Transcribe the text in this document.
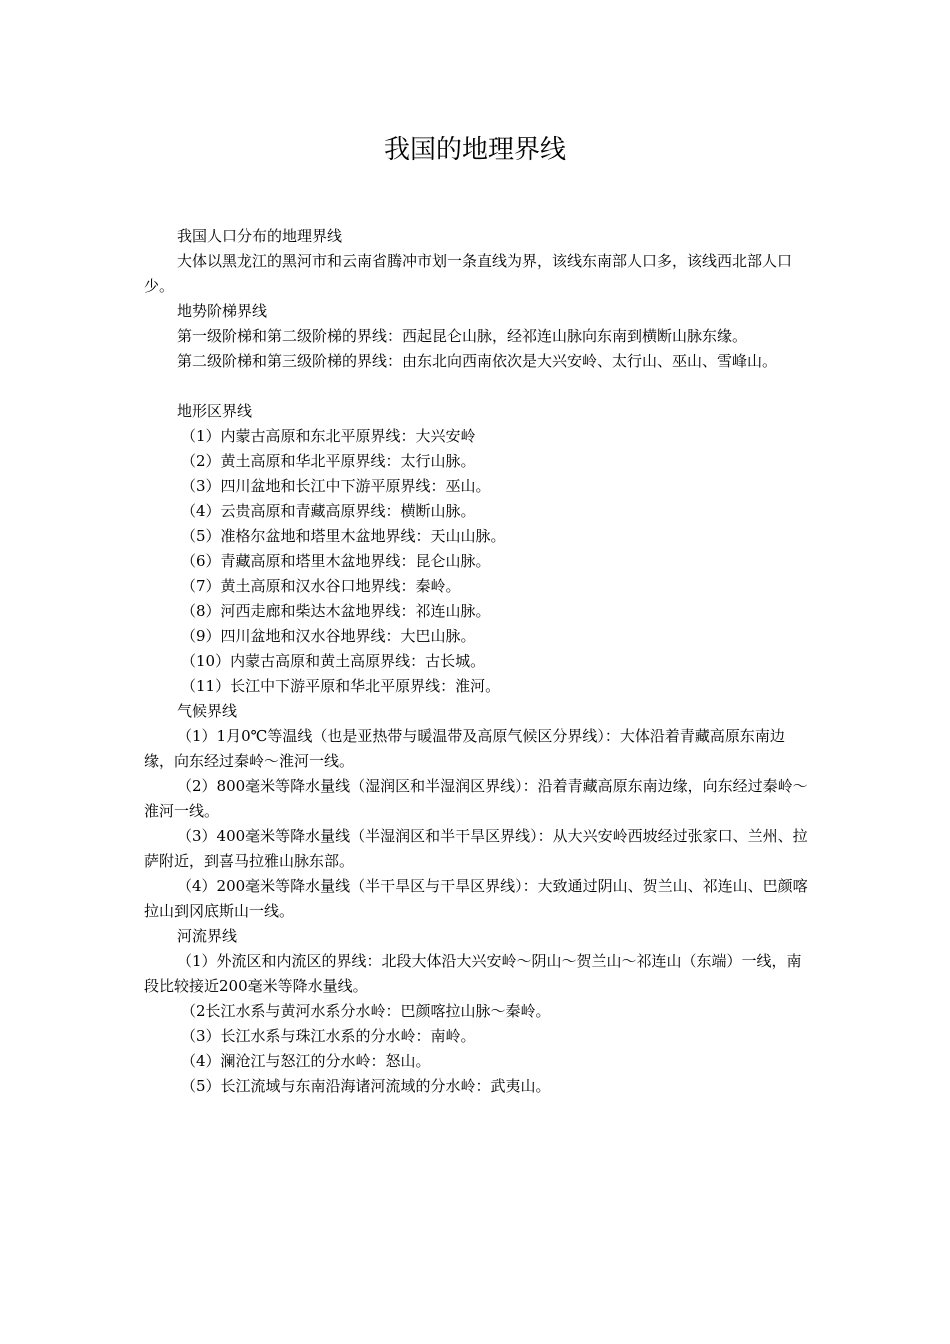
我国的地理界线

我国人口分布的地理界线

大体以黑龙江的黑河市和云南省腾冲市划一条直线为界，该线东南部人口多，该线西北部人口少。

地势阶梯界线

第一级阶梯和第二级阶梯的界线：西起昆仑山脉，经祁连山脉向东南到横断山脉东缘。

第二级阶梯和第三级阶梯的界线：由东北向西南依次是大兴安岭、太行山、巫山、雪峰山。

地形区界线

（1）内蒙古高原和东北平原界线：大兴安岭

（2）黄土高原和华北平原界线：太行山脉。

（3）四川盆地和长江中下游平原界线：巫山。

（4）云贵高原和青藏高原界线：横断山脉。

（5）准格尔盆地和塔里木盆地界线：天山山脉。

（6）青藏高原和塔里木盆地界线：昆仑山脉。

（7）黄土高原和汉水谷口地界线：秦岭。

（8）河西走廊和柴达木盆地界线：祁连山脉。

（9）四川盆地和汉水谷地界线：大巴山脉。

（10）内蒙古高原和黄土高原界线：古长城。

（11）长江中下游平原和华北平原界线：淮河。

气候界线

（1）1月0℃等温线（也是亚热带与暖温带及高原气候区分界线）：大体沿着青藏高原东南边缘，向东经过秦岭～淮河一线。

（2）800毫米等降水量线（湿润区和半湿润区界线）：沿着青藏高原东南边缘，向东经过秦岭～淮河一线。

（3）400毫米等降水量线（半湿润区和半干旱区界线）：从大兴安岭西坡经过张家口、兰州、拉萨附近，到喜马拉雅山脉东部。

（4）200毫米等降水量线（半干旱区与干旱区界线）：大致通过阴山、贺兰山、祁连山、巴颜喀拉山到冈底斯山一线。

河流界线

（1）外流区和内流区的界线：北段大体沿大兴安岭～阴山～贺兰山～祁连山（东端）一线，南段比较接近200毫米等降水量线。

（2长江水系与黄河水系分水岭：巴颜喀拉山脉～秦岭。

（3）长江水系与珠江水系的分水岭：南岭。

（4）澜沧江与怒江的分水岭：怒山。

（5）长江流域与东南沿海诸河流域的分水岭：武夷山。
